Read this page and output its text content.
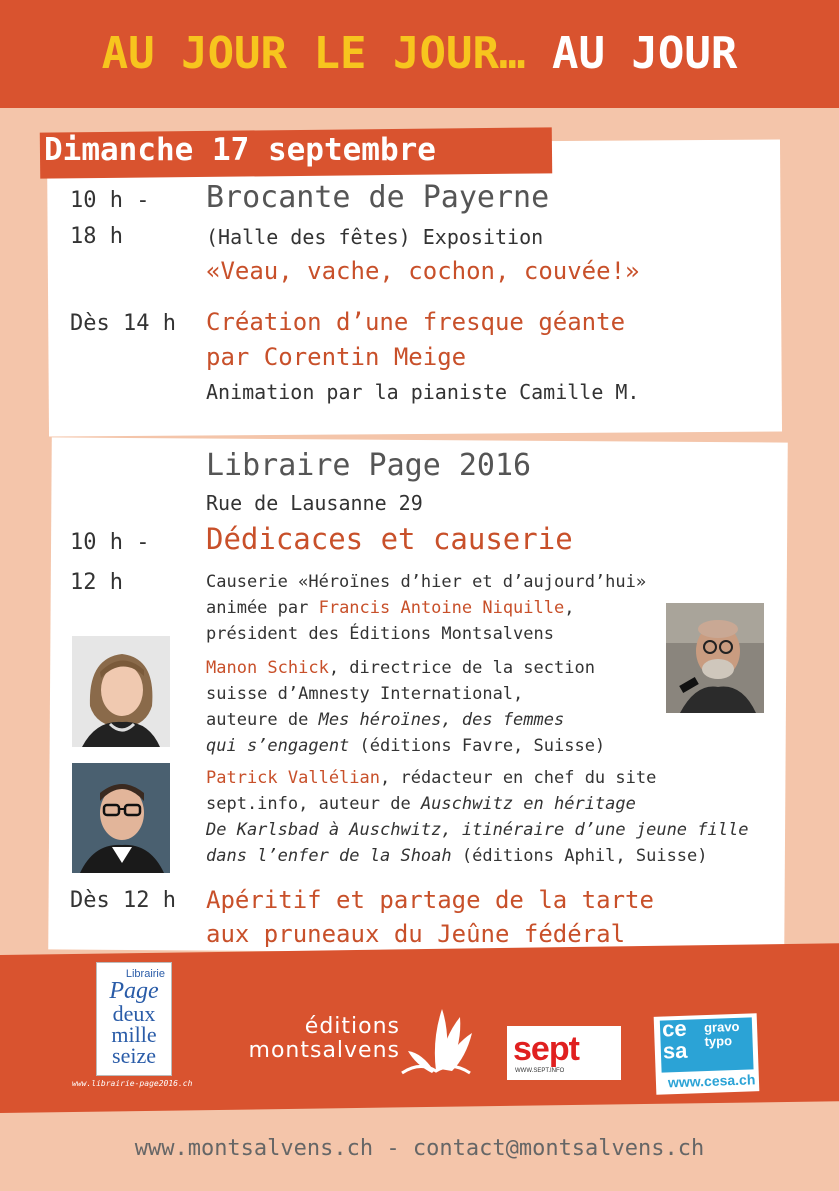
AU JOUR LE JOUR… AU JOUR
Dimanche 17 septembre
10 h -
18 h
Brocante de Payerne
(Halle des fêtes) Exposition
«Veau, vache, cochon, couvée!»
Dès 14 h Création d’une fresque géante
par Corentin Meige
Animation par la pianiste Camille M.
Libraire Page 2016
Rue de Lausanne 29
10 h -
12 h
Dédicaces et causerie
Causerie «Héroïnes d’hier et d’aujourd’hui»
animée par Francis Antoine Niquille,
président des Éditions Montsalvens
Manon Schick, directrice de la section
suisse d’Amnesty International,
auteure de Mes héroïnes, des femmes
qui s’engagent (éditions Favre, Suisse)
Patrick Vallélian, rédacteur en chef du site
sept.info, auteur de Auschwitz en héritage
De Karlsbad à Auschwitz, itinéraire d’une jeune fille
dans l’enfer de la Shoah (éditions Aphil, Suisse)
Dès 12 h Apéritif et partage de la tarte
aux pruneaux du Jeûne fédéral
Librairie
Page
deux mille seize
www.librairie-page2016.ch
éditions
montsalvens	sept
WWW.SEPT.INFO
ce sa
gravo typo
www.cesa.ch
www.montsalvens.ch - contact@montsalvens.ch
